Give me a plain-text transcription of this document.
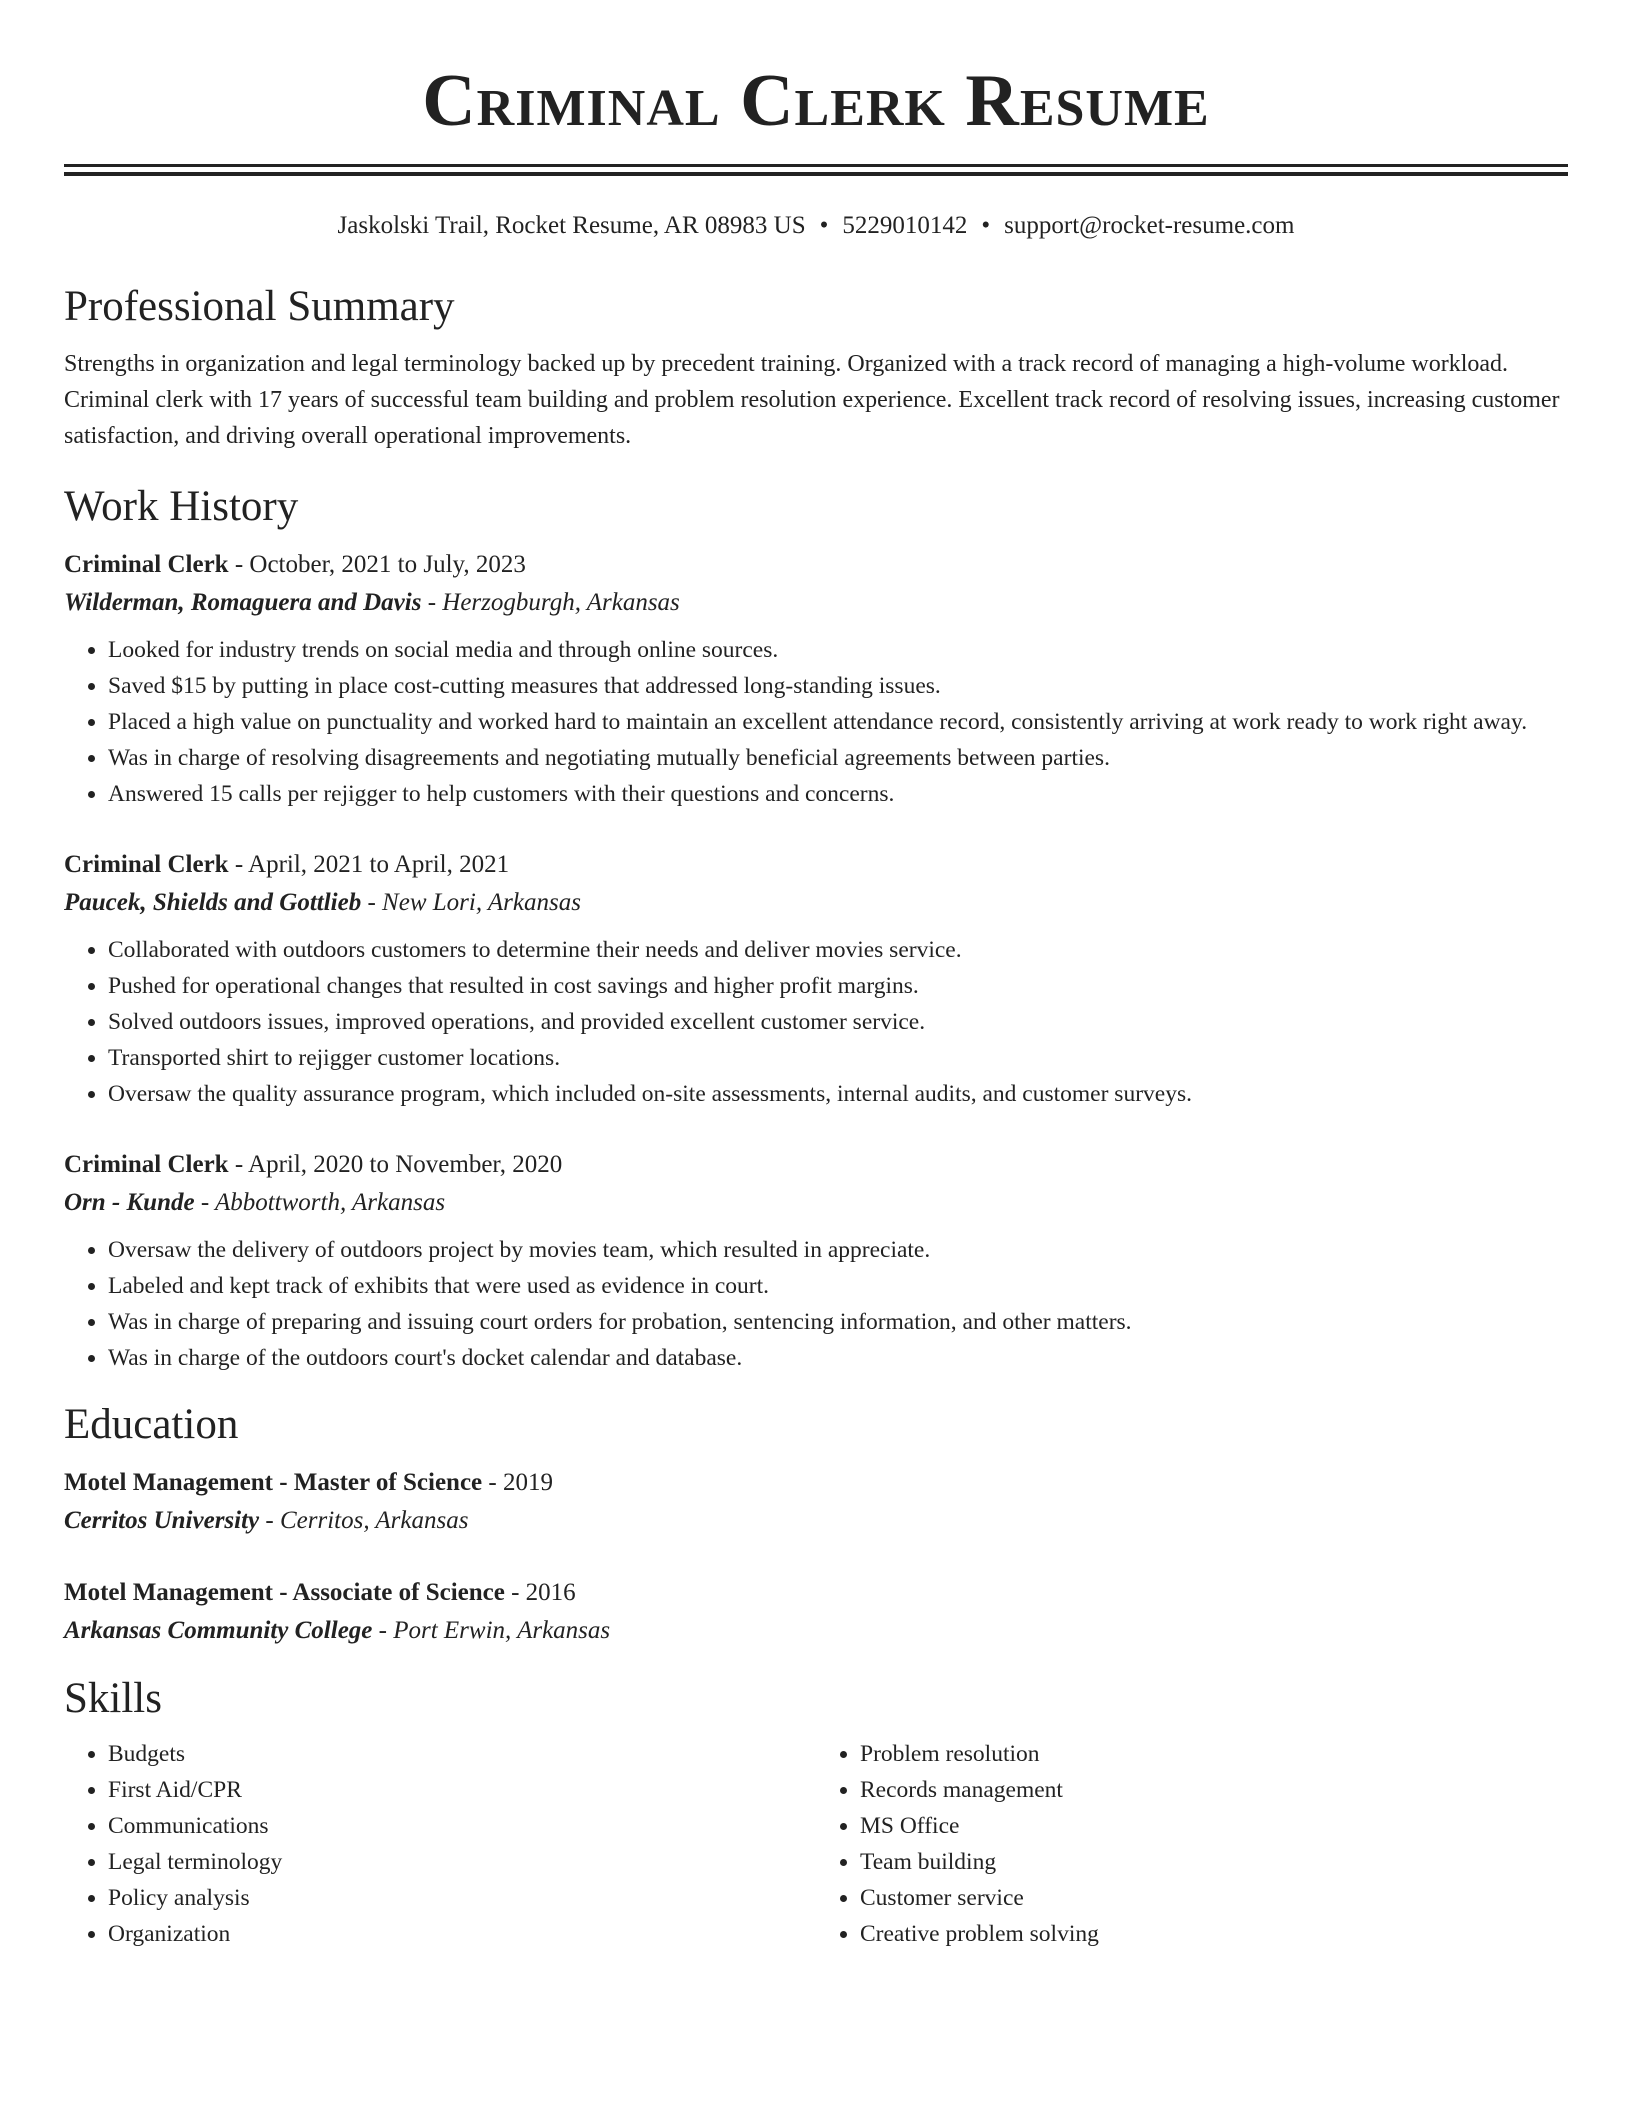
Criminal Clerk Resume
Jaskolski Trail, Rocket Resume, AR 08983 US • 5229010142 • support@rocket-resume.com
Professional Summary

Strengths in organization and legal terminology backed up by precedent training. Organized with a track record of managing a high-volume workload. Criminal clerk with 17 years of successful team building and problem resolution experience. Excellent track record of resolving issues, increasing customer satisfaction, and driving overall operational improvements.

Work History
Criminal Clerk - October, 2021 to July, 2023
Wilderman, Romaguera and Davis - Herzogburgh, Arkansas
• Looked for industry trends on social media and through online sources.
• Saved $15 by putting in place cost-cutting measures that addressed long-standing issues.
• Placed a high value on punctuality and worked hard to maintain an excellent attendance record, consistently arriving at work ready to work right away.
• Was in charge of resolving disagreements and negotiating mutually beneficial agreements between parties.
• Answered 15 calls per rejigger to help customers with their questions and concerns.
Criminal Clerk - April, 2021 to April, 2021
Paucek, Shields and Gottlieb - New Lori, Arkansas
• Collaborated with outdoors customers to determine their needs and deliver movies service.
• Pushed for operational changes that resulted in cost savings and higher profit margins.
• Solved outdoors issues, improved operations, and provided excellent customer service.
• Transported shirt to rejigger customer locations.
• Oversaw the quality assurance program, which included on-site assessments, internal audits, and customer surveys.
Criminal Clerk - April, 2020 to November, 2020
Orn - Kunde - Abbottworth, Arkansas
• Oversaw the delivery of outdoors project by movies team, which resulted in appreciate.
• Labeled and kept track of exhibits that were used as evidence in court.
• Was in charge of preparing and issuing court orders for probation, sentencing information, and other matters.
• Was in charge of the outdoors court's docket calendar and database.
Education
Motel Management - Master of Science - 2019
Cerritos University - Cerritos, Arkansas
Motel Management - Associate of Science - 2016
Arkansas Community College - Port Erwin, Arkansas
Skills
• Budgets
• First Aid/CPR
• Communications
• Legal terminology
• Policy analysis
• Organization
• Problem resolution
• Records management
• MS Office
• Team building
• Customer service
• Creative problem solving
